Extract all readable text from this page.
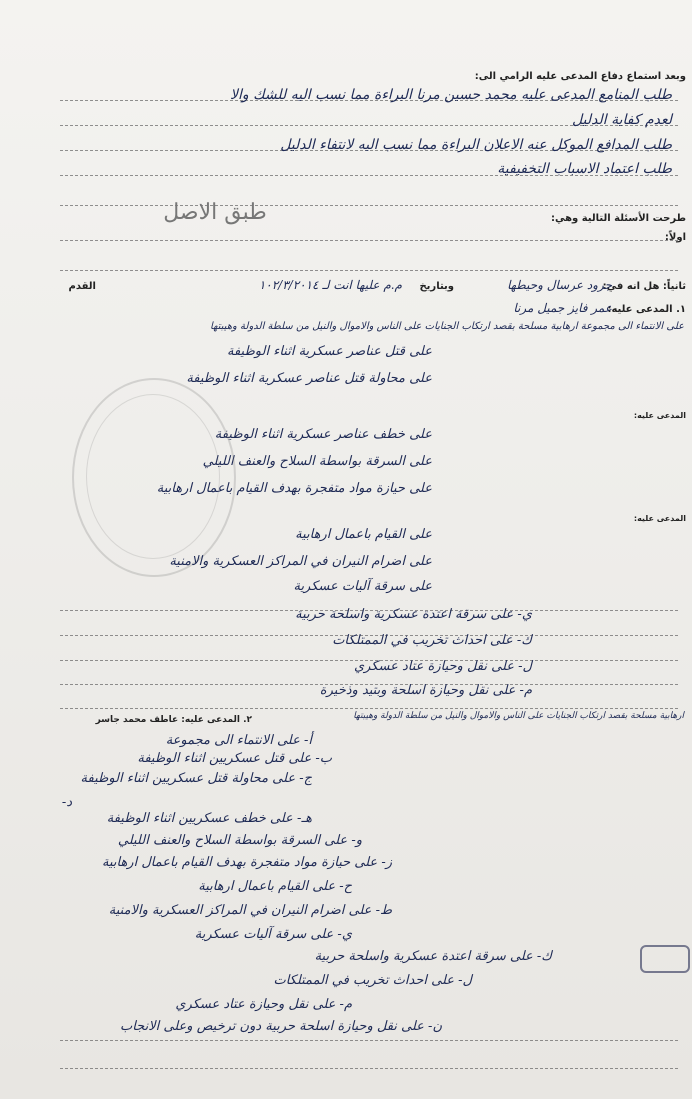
وبعد استماع دفاع المدعى عليه الرامي الى:
طلب المنامع المدعى عليه محمد حسين مرنا البراءة مما نسب اليه للشك والا
لعدم كفاية الدليل
طلب المدافع الموكل عنه الاعلان البراءة مما نسب اليه لانتفاء الدليل
طلب اعتماد الاسباب التخفيفية
طرحت الأسئلة التالية وهي:
طبق الاصل
اولاً:
ثانياً: هل انه في:
جرود عرسال وحيطها
وبتاريخ
م.م عليها انت لـ ١٠٢/٣/٢٠١٤
القدم
١. المدعى عليه:
عمر فايز جميل مرنا
على الانتماء الى مجموعة ارهابية مسلحة بقصد ارتكاب الجنايات على الناس والاموال والنيل من سلطة الدولة وهيبتها
على قتل عناصر عسكرية اثناء الوظيفة
على محاولة قتل عناصر عسكرية اثناء الوظيفة
المدعى عليه:
على خطف عناصر عسكرية اثناء الوظيفة
على السرقة بواسطة السلاح والعنف الليلي
على حيازة مواد متفجرة بهدف القيام باعمال ارهابية
المدعى عليه:
على القيام باعمال ارهابية
على اضرام النيران في المراكز العسكرية والامنية
على سرقة آليات عسكرية
ي- على سرقة اعتدة عسكرية واسلحة حربية
ك- على احداث تخريب في الممتلكات
ل- على نقل وحيازة عتاد عسكري
م- على نقل وحيازة اسلحة وبتيد وذخيرة
٢. المدعى عليه: عاطف محمد جاسر	ارهابية مسلحة بقصد ارتكاب الجنايات على الناس والاموال والنيل من سلطة الدولة وهيبتها
أ- على الانتماء الى مجموعة
ب- على قتل عسكريين اثناء الوظيفة
ج- على محاولة قتل عسكريين اثناء الوظيفة
د-
هـ- على خطف عسكريين اثناء الوظيفة
و- على السرقة بواسطة السلاح والعنف الليلي
ز- على حيازة مواد متفجرة بهدف القيام باعمال ارهابية
ح- على القيام باعمال ارهابية
ط- على اضرام النيران في المراكز العسكرية والامنية
ي- على سرقة آليات عسكرية
ك- على سرقة اعتدة عسكرية واسلحة حربية
ل- على احداث تخريب في الممتلكات
م- على نقل وحيازة عتاد عسكري
ن- على نقل وحيازة اسلحة حربية دون ترخيص وعلى الانجاب
